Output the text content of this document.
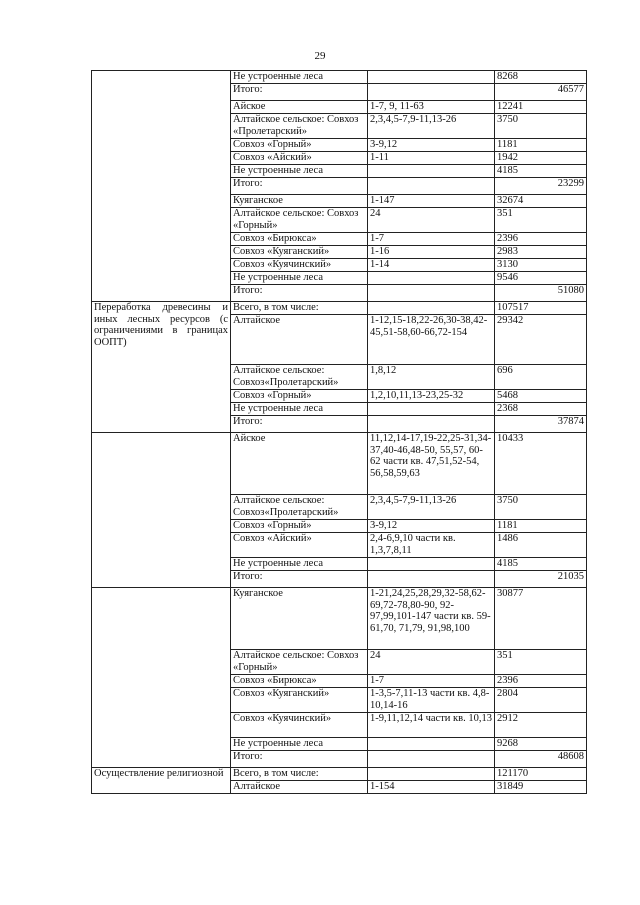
29
	Не устроенные леса		8268
	Итого:		46577
	Айское	1-7, 9, 11-63	12241
	Алтайское сельское: Совхоз «Пролетарский»	2,3,4,5-7,9-11,13-26	3750
	Совхоз «Горный»	3-9,12	1181
	Совхоз «Айский»	1-11	1942
	Не устроенные леса		4185
	Итого:		23299
	Куяганское	1-147	32674
	Алтайское сельское: Совхоз «Горный»	24	351
	Совхоз «Бирюкса»	1-7	2396
	Совхоз «Куяганский»	1-16	2983
	Совхоз «Куячинский»	1-14	3130
	Не устроенные леса		9546
	Итого:		51080
Переработка древесины и иных лесных ресурсов (с ограничениями в границах ООПТ)	Всего, в том числе:		107517
	Алтайское	1-12,15-18,22-26,30-38,42-45,51-58,60-66,72-154	29342
	Алтайское сельское: Совхоз«Пролетарский»	1,8,12	696
	Совхоз «Горный»	1,2,10,11,13-23,25-32	5468
	Не устроенные леса		2368
	Итого:		37874
	Айское	11,12,14-17,19-22,25-31,34-37,40-46,48-50, 55,57, 60-62 части кв. 47,51,52-54, 56,58,59,63	10433
	Алтайское сельское: Совхоз«Пролетарский»	2,3,4,5-7,9-11,13-26	3750
	Совхоз «Горный»	3-9,12	1181
	Совхоз «Айский»	2,4-6,9,10 части кв. 1,3,7,8,11	1486
	Не устроенные леса		4185
	Итого:		21035
	Куяганское	1-21,24,25,28,29,32-58,62-69,72-78,80-90, 92-97,99,101-147 части кв. 59-61,70, 71,79, 91,98,100	30877
	Алтайское сельское: Совхоз «Горный»	24	351
	Совхоз «Бирюкса»	1-7	2396
	Совхоз «Куяганский»	1-3,5-7,11-13 части кв. 4,8-10,14-16	2804
	Совхоз «Куячинский»	1-9,11,12,14 части кв. 10,13	2912
	Не устроенные леса		9268
	Итого:		48608
Осуществление религиозной	Всего, в том числе:		121170
	Алтайское	1-154	31849
